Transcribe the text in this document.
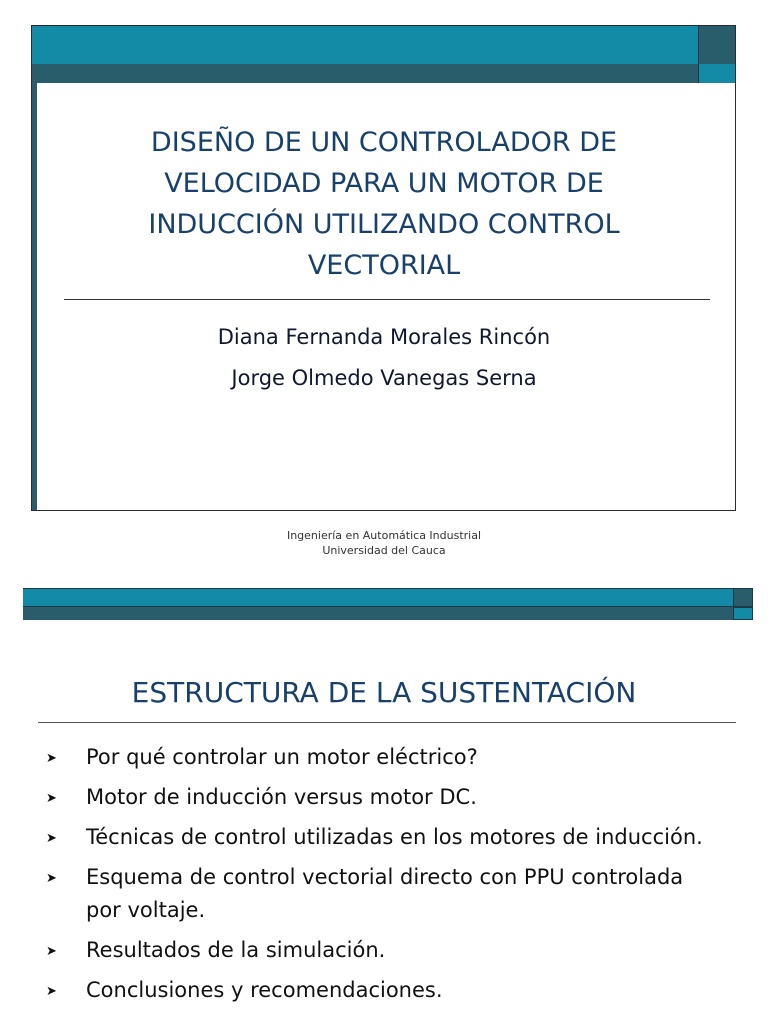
DISEÑO DE UN CONTROLADOR DE
VELOCIDAD PARA UN MOTOR DE
INDUCCIÓN UTILIZANDO CONTROL
VECTORIAL
Diana Fernanda Morales Rincón
Jorge Olmedo Vanegas Serna
Ingeniería en Automática Industrial
Universidad del Cauca
ESTRUCTURA DE LA SUSTENTACIÓN
➤ Por qué controlar un motor eléctrico?
➤ Motor de inducción versus motor DC.
➤ Técnicas de control utilizadas en los motores de inducción.
➤ Esquema de control vectorial directo con PPU controlada por voltaje.
➤ Resultados de la simulación.
➤ Conclusiones y recomendaciones.
